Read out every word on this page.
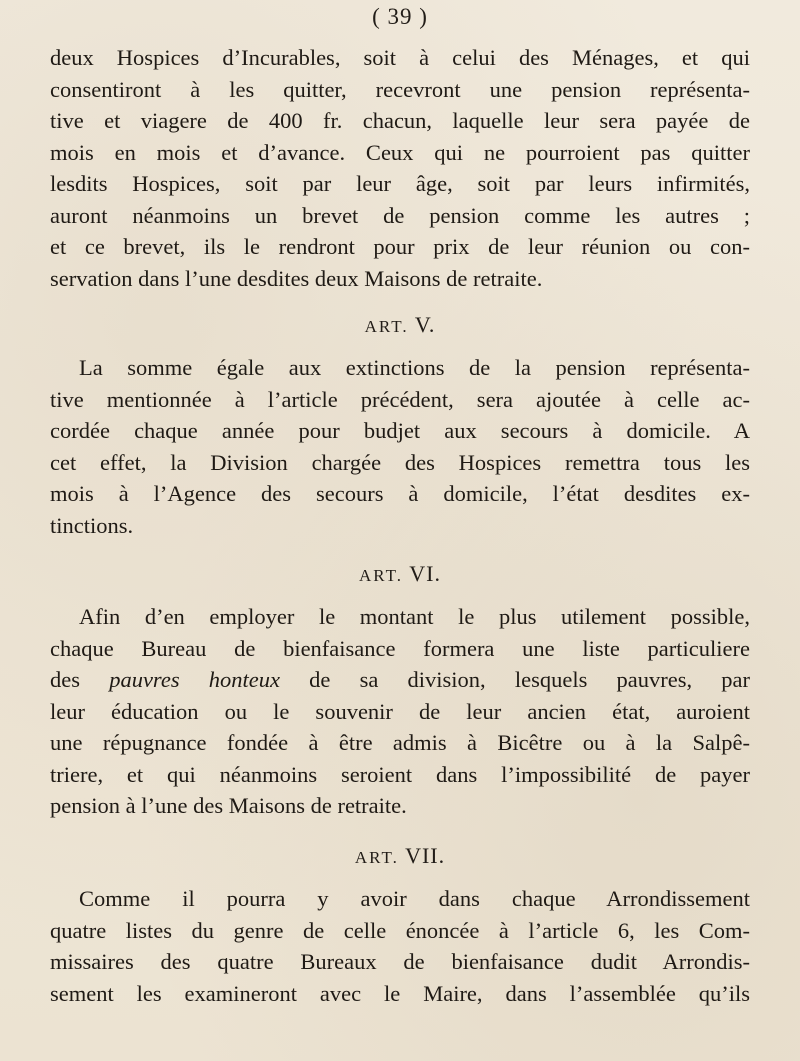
( 39 )
deux Hospices d’Incurables, soit à celui des Ménages, et qui
consentiront à les quitter, recevront une pension représenta-
tive et viagere de 400 fr. chacun, laquelle leur sera payée de
mois en mois et d’avance. Ceux qui ne pourroient pas quitter
lesdits Hospices, soit par leur âge, soit par leurs infirmités,
auront néanmoins un brevet de pension comme les autres ;
et ce brevet, ils le rendront pour prix de leur réunion ou con-
servation dans l’une desdites deux Maisons de retraite.
ART. V.
La somme égale aux extinctions de la pension représenta-
tive mentionnée à l’article précédent, sera ajoutée à celle ac-
cordée chaque année pour budjet aux secours à domicile. A
cet effet, la Division chargée des Hospices remettra tous les
mois à l’Agence des secours à domicile, l’état desdites ex-
tinctions.
ART. VI.
Afin d’en employer le montant le plus utilement possible,
chaque Bureau de bienfaisance formera une liste particuliere
des pauvres honteux de sa division, lesquels pauvres, par
leur éducation ou le souvenir de leur ancien état, auroient
une répugnance fondée à être admis à Bicêtre ou à la Salpê-
triere, et qui néanmoins seroient dans l’impossibilité de payer
pension à l’une des Maisons de retraite.
ART. VII.
Comme il pourra y avoir dans chaque Arrondissement
quatre listes du genre de celle énoncée à l’article 6, les Com-
missaires des quatre Bureaux de bienfaisance dudit Arrondis-
sement les examineront avec le Maire, dans l’assemblée qu’ils
